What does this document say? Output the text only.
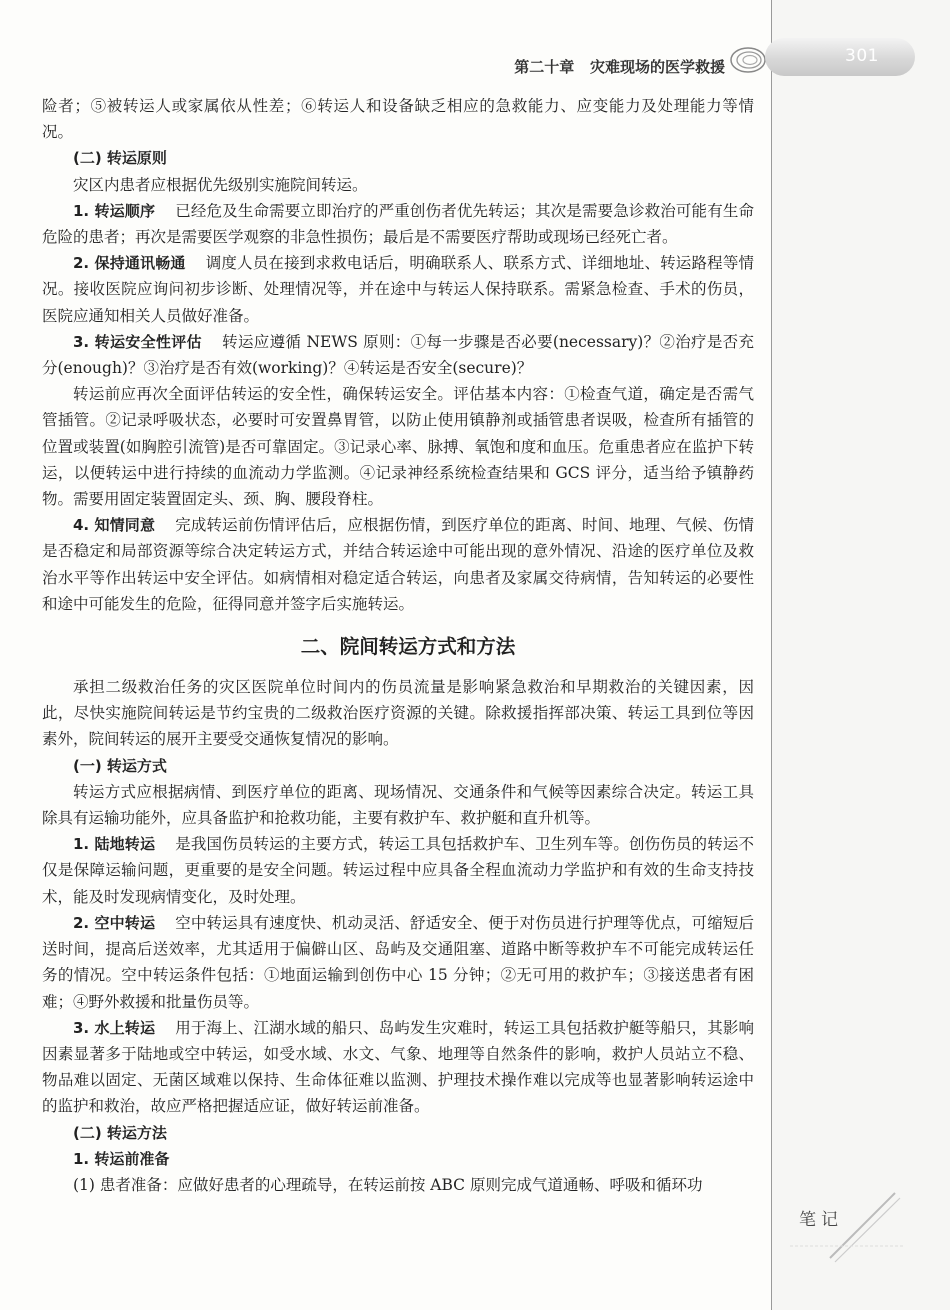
第二十章 灾难现场的医学救援
301

险者；⑤被转运人或家属依从性差；⑥转运人和设备缺乏相应的急救能力、应变能力及处理能力等情况。

(二) 转运原则

灾区内患者应根据优先级别实施院间转运。

1. 转运顺序 已经危及生命需要立即治疗的严重创伤者优先转运；其次是需要急诊救治可能有生命危险的患者；再次是需要医学观察的非急性损伤；最后是不需要医疗帮助或现场已经死亡者。

2. 保持通讯畅通 调度人员在接到求救电话后，明确联系人、联系方式、详细地址、转运路程等情况。接收医院应询问初步诊断、处理情况等，并在途中与转运人保持联系。需紧急检查、手术的伤员，医院应通知相关人员做好准备。

3. 转运安全性评估 转运应遵循 NEWS 原则：①每一步骤是否必要(necessary)？②治疗是否充分(enough)？③治疗是否有效(working)？④转运是否安全(secure)？

转运前应再次全面评估转运的安全性，确保转运安全。评估基本内容：①检查气道，确定是否需气管插管。②记录呼吸状态，必要时可安置鼻胃管，以防止使用镇静剂或插管患者误吸，检查所有插管的位置或装置(如胸腔引流管)是否可靠固定。③记录心率、脉搏、氧饱和度和血压。危重患者应在监护下转运，以便转运中进行持续的血流动力学监测。④记录神经系统检查结果和 GCS 评分，适当给予镇静药物。需要用固定装置固定头、颈、胸、腰段脊柱。

4. 知情同意 完成转运前伤情评估后，应根据伤情，到医疗单位的距离、时间、地理、气候、伤情是否稳定和局部资源等综合决定转运方式，并结合转运途中可能出现的意外情况、沿途的医疗单位及救治水平等作出转运中安全评估。如病情相对稳定适合转运，向患者及家属交待病情，告知转运的必要性和途中可能发生的危险，征得同意并签字后实施转运。

二、院间转运方式和方法

承担二级救治任务的灾区医院单位时间内的伤员流量是影响紧急救治和早期救治的关键因素，因此，尽快实施院间转运是节约宝贵的二级救治医疗资源的关键。除救援指挥部决策、转运工具到位等因素外，院间转运的展开主要受交通恢复情况的影响。

(一) 转运方式

转运方式应根据病情、到医疗单位的距离、现场情况、交通条件和气候等因素综合决定。转运工具除具有运输功能外，应具备监护和抢救功能，主要有救护车、救护艇和直升机等。

1. 陆地转运 是我国伤员转运的主要方式，转运工具包括救护车、卫生列车等。创伤伤员的转运不仅是保障运输问题，更重要的是安全问题。转运过程中应具备全程血流动力学监护和有效的生命支持技术，能及时发现病情变化，及时处理。

2. 空中转运 空中转运具有速度快、机动灵活、舒适安全、便于对伤员进行护理等优点，可缩短后送时间，提高后送效率，尤其适用于偏僻山区、岛屿及交通阻塞、道路中断等救护车不可能完成转运任务的情况。空中转运条件包括：①地面运输到创伤中心 15 分钟；②无可用的救护车；③接送患者有困难；④野外救援和批量伤员等。

3. 水上转运 用于海上、江湖水域的船只、岛屿发生灾难时，转运工具包括救护艇等船只，其影响因素显著多于陆地或空中转运，如受水域、水文、气象、地理等自然条件的影响，救护人员站立不稳、物品难以固定、无菌区域难以保持、生命体征难以监测、护理技术操作难以完成等也显著影响转运途中的监护和救治，故应严格把握适应证，做好转运前准备。

(二) 转运方法
1. 转运前准备

(1) 患者准备：应做好患者的心理疏导，在转运前按 ABC 原则完成气道通畅、呼吸和循环功

笔记
